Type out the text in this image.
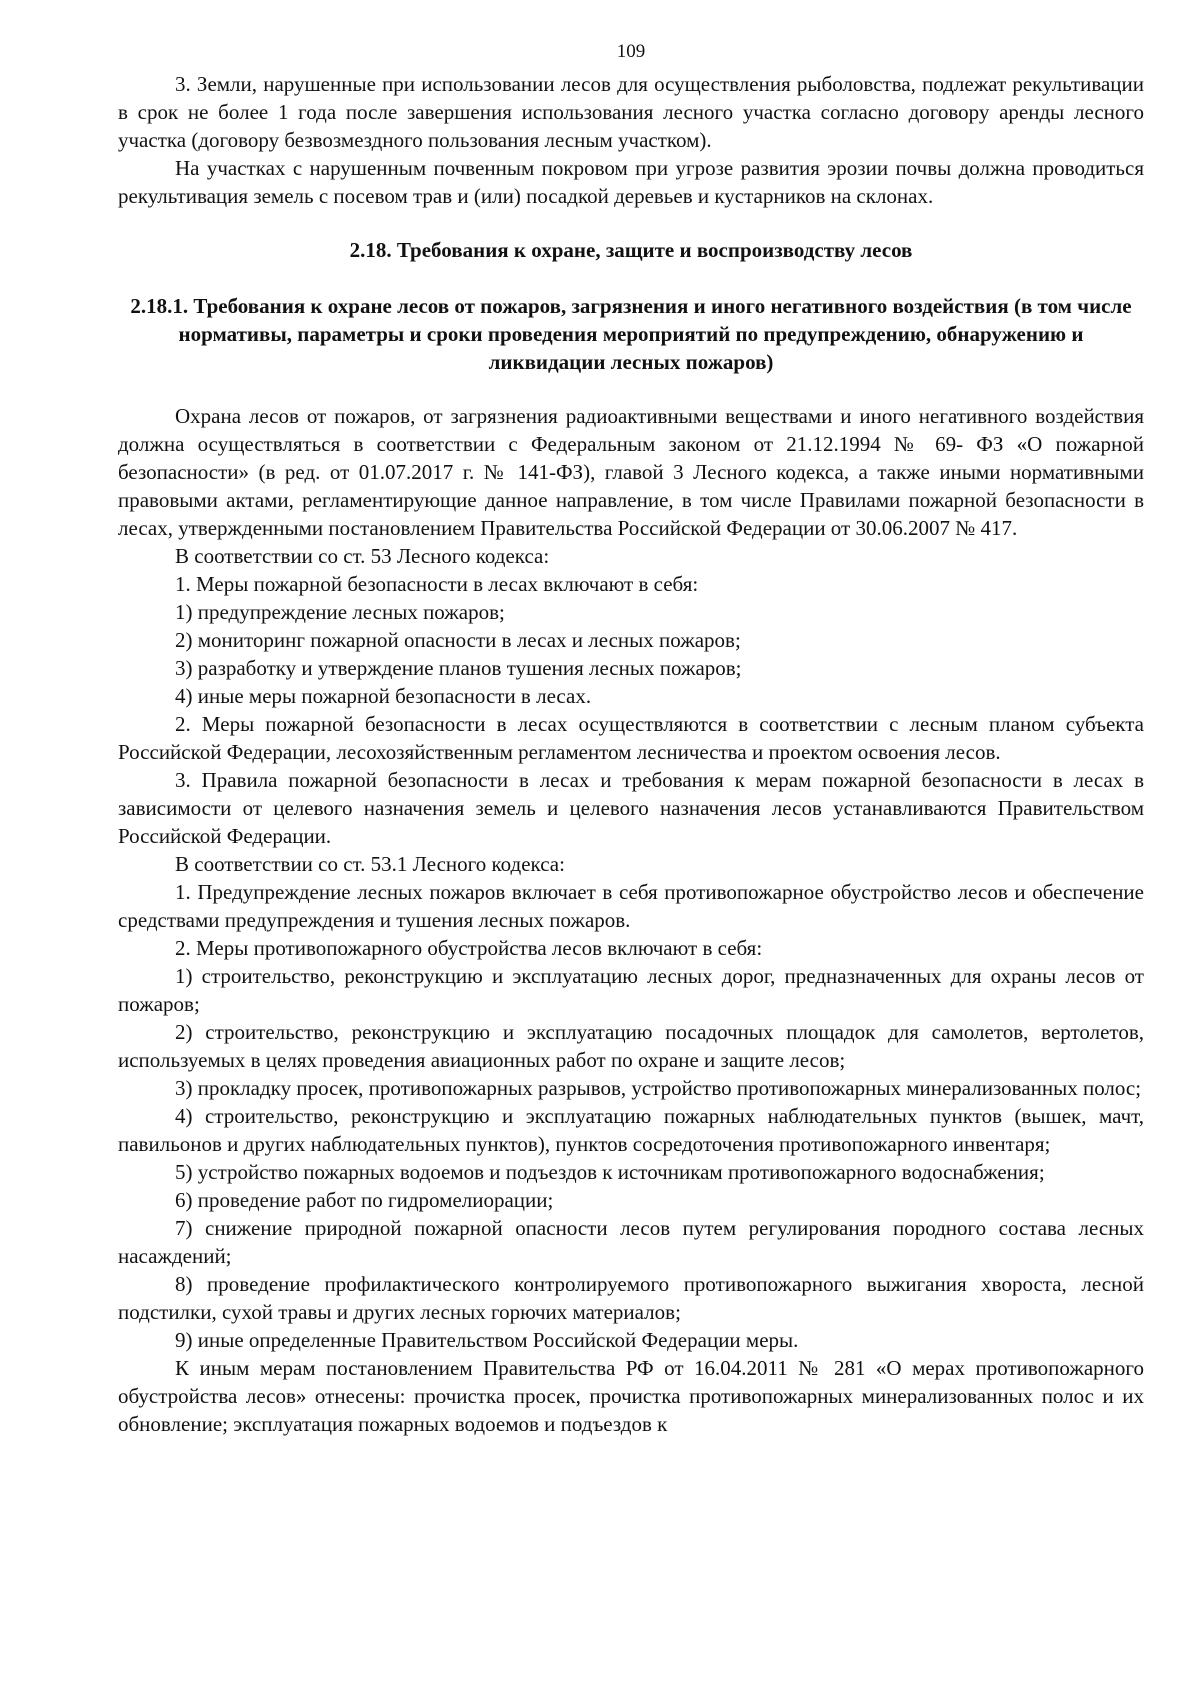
109

3. Земли, нарушенные при использовании лесов для осуществления рыболовства, подлежат рекультивации в срок не более 1 года после завершения использования лесного участка согласно договору аренды лесного участка (договору безвозмездного пользования лесным участком).

На участках с нарушенным почвенным покровом при угрозе развития эрозии почвы должна проводиться рекультивация земель с посевом трав и (или) посадкой деревьев и кустарников на склонах.

2.18. Требования к охране, защите и воспроизводству лесов
2.18.1. Требования к охране лесов от пожаров, загрязнения и иного негативного воздействия (в том числе нормативы, параметры и сроки проведения мероприятий по предупреждению, обнаружению и ликвидации лесных пожаров)

Охрана лесов от пожаров, от загрязнения радиоактивными веществами и иного негативного воздействия должна осуществляться в соответствии с Федеральным законом от 21.12.1994 № 69- ФЗ «О пожарной безопасности» (в ред. от 01.07.2017 г. № 141-ФЗ), главой 3 Лесного кодекса, а также иными нормативными правовыми актами, регламентирующие данное направление, в том числе Правилами пожарной безопасности в лесах, утвержденными постановлением Правительства Российской Федерации от 30.06.2007 № 417.

В соответствии со ст. 53 Лесного кодекса:

1. Меры пожарной безопасности в лесах включают в себя:

1) предупреждение лесных пожаров;

2) мониторинг пожарной опасности в лесах и лесных пожаров;

3) разработку и утверждение планов тушения лесных пожаров;

4) иные меры пожарной безопасности в лесах.

2. Меры пожарной безопасности в лесах осуществляются в соответствии с лесным планом субъекта Российской Федерации, лесохозяйственным регламентом лесничества и проектом освоения лесов.

3. Правила пожарной безопасности в лесах и требования к мерам пожарной безопасности в лесах в зависимости от целевого назначения земель и целевого назначения лесов устанавливаются Правительством Российской Федерации.

В соответствии со ст. 53.1 Лесного кодекса:

1. Предупреждение лесных пожаров включает в себя противопожарное обустройство лесов и обеспечение средствами предупреждения и тушения лесных пожаров.

2. Меры противопожарного обустройства лесов включают в себя:

1) строительство, реконструкцию и эксплуатацию лесных дорог, предназначенных для охраны лесов от пожаров;

2) строительство, реконструкцию и эксплуатацию посадочных площадок для самолетов, вертолетов, используемых в целях проведения авиационных работ по охране и защите лесов;

3) прокладку просек, противопожарных разрывов, устройство противопожарных минерализованных полос;

4) строительство, реконструкцию и эксплуатацию пожарных наблюдательных пунктов (вышек, мачт, павильонов и других наблюдательных пунктов), пунктов сосредоточения противопожарного инвентаря;

5) устройство пожарных водоемов и подъездов к источникам противопожарного водоснабжения;

6) проведение работ по гидромелиорации;

7) снижение природной пожарной опасности лесов путем регулирования породного состава лесных насаждений;

8) проведение профилактического контролируемого противопожарного выжигания хвороста, лесной подстилки, сухой травы и других лесных горючих материалов;

9) иные определенные Правительством Российской Федерации меры.

К иным мерам постановлением Правительства РФ от 16.04.2011 № 281 «О мерах противопожарного обустройства лесов» отнесены: прочистка просек, прочистка противопожарных минерализованных полос и их обновление; эксплуатация пожарных водоемов и подъездов к
